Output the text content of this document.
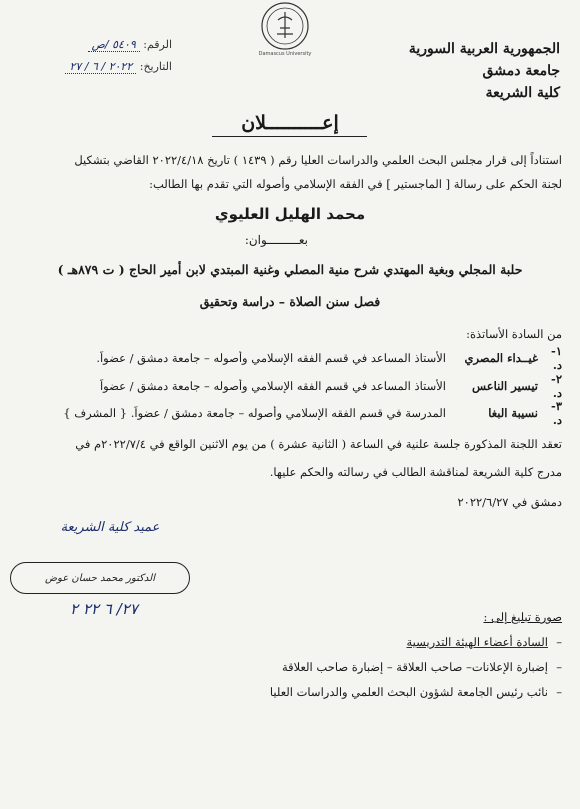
الجمهورية العربية السورية
جامعة دمشق
كلية الشريعة
Damascus University
الرقم: ٥٤٠٩ /ص
التاريخ: ٢٠٢٢ / ٦ / ٢٧
إعــــــــــلان
استناداً إلى قرار مجلس البحث العلمي والدراسات العليا رقم ( ١٤٣٩ ) تاريخ ٢٠٢٢/٤/١٨ القاضي بتشكيل
لجنة الحكم على رسالة [ الماجستير ] في الفقه الإسلامي وأصوله التي تقدم بها الطالب:
محمد الهليل العليوي
بعـــــــــوان:
حلبة المجلي وبغية المهتدي شرح منية المصلي وغنية المبتدي لابن أمير الحاج ( ت ٨٧٩هـ )
فصل سنن الصلاة – دراسة وتحقيق
من السادة الأساتذة:
١- د.
غيــداء المصري
الأستاذ المساعد في قسم الفقه الإسلامي وأصوله – جامعة دمشق / عضواً.
٢- د.
تيسير الناعس
الأستاذ المساعد في قسم الفقه الإسلامي وأصوله – جامعة دمشق / عضواً
٣- د.
نسيبة البغا
المدرسة في قسم الفقه الإسلامي وأصوله – جامعة دمشق / عضواً. { المشرف }
تعقد اللجنة المذكورة جلسة علنية في الساعة ( الثانية عشرة ) من يوم الاثنين الواقع في ٢٠٢٢/٧/٤م في
مدرج كلية الشريعة لمناقشة الطالب في رسالته والحكم عليها.
دمشق في ٢٠٢٢/٦/٢٧
عميد كلية الشريعة
الدكتور محمد حسان عوض
٢٧/ ٦ ٢٢ ٢	صورة تبليغ إلى :
–
السادة أعضاء الهيئة التدريسية
–
إضبارة الإعلانات– صاحب العلاقة – إضبارة صاحب العلاقة
–
نائب رئيس الجامعة لشؤون البحث العلمي والدراسات العليا
